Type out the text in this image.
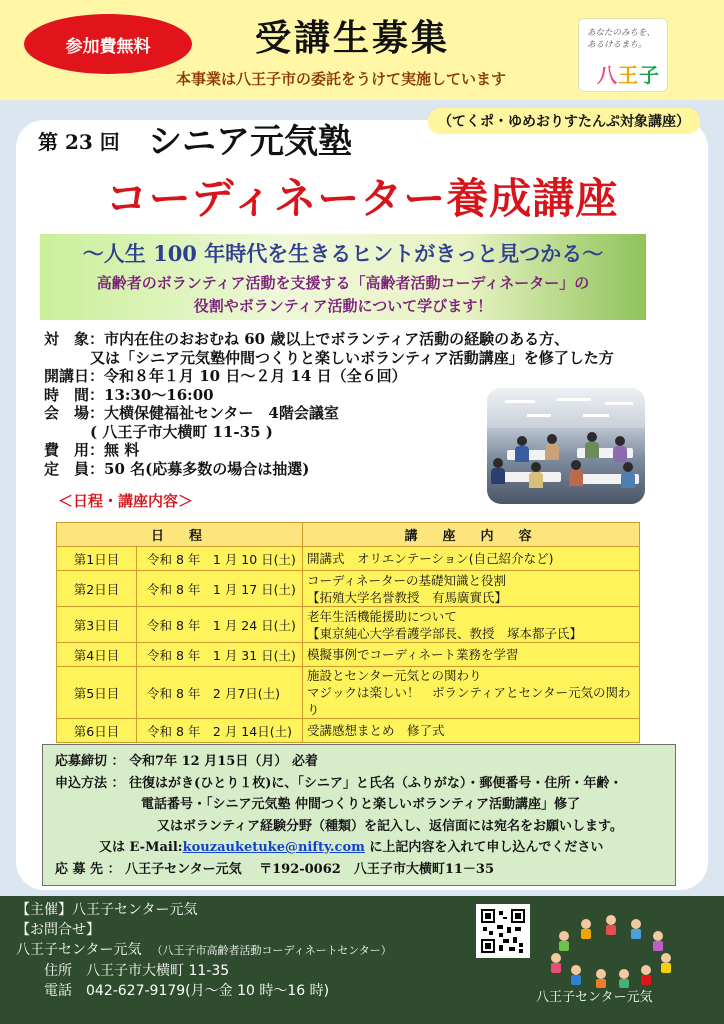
参加費無料	受講生募集
本事業は八王子市の委託をうけて実施しています
あなたのみちを、
あるけるまち。
八王子
（てくポ・ゆめおりすたんぷ対象講座）
第 23 回 シニア元気塾
コーディネーター養成講座
～人生 100 年時代を生きるヒントがきっと見つかる～
高齢者のボランティア活動を支援する「高齢者活動コーディネーター」の
役割やボランティア活動について学びます！
対　象： 市内在住のおおむね 60 歳以上でボランティア活動の経験のある方、
又は「シニア元気塾仲間つくりと楽しいボランティア活動講座」を修了した方
開講日： 令和８年１月 10 日～２月 14 日（全６回）
時　間： 13:30～16:00
会　場： 大横保健福祉センター　4階会議室
( 八王子市大横町 11-35 )
費　用： 無 料
定　員： 50 名(応募多数の場合は抽選)
＜日程・講座内容＞
日　程		講　座　内　容
第1日目	令和 8 年　1 月 10 日(土)	開講式　オリエンテーション(自己紹介など)

第2日目	令和 8 年　1 月 17 日(土)	コーディネーターの基礎知識と役割
【拓殖大学名誉教授　有馬廣實氏】

第3日目	令和 8 年　1 月 24 日(土)	老年生活機能援助について
【東京純心大学看護学部長、教授　塚本都子氏】

第4日目	令和 8 年　1 月 31 日(土)	模擬事例でコーディネート業務を学習

第5日目	令和 8 年　2 月7日(土)	施設とセンター元気との関わり
マジックは楽しい！　ボランティアとセンター元気の関わり

第6日目	令和 8 年　2 月 14日(土)	受講感想まとめ　修了式
応募締切 ： 令和7年 12 月15日（月） 必着
申込方法 ： 往復はがき(ひとり１枚)に、「シニア」と氏名（ふりがな）・郵便番号・住所・年齢・
電話番号・「シニア元気塾 仲間つくりと楽しいボランティア活動講座」修了
又はボランティア経験分野（種類）を記入し、返信面には宛名をお願いします。
又は E-Mail:kouzauketuke@nifty.com に上記内容を入れて申し込んでください
応 募 先 ： 八王子センター元気　 〒192-0062　八王子市大横町11－35
【主催】八王子センター元気
【お問合せ】
八王子センター元気 （八王子市高齢者活動コーディネートセンター）
住所　八王子市大横町 11-35
電話　042-627-9179(月～金 10 時～16 時)	八王子センター元気
